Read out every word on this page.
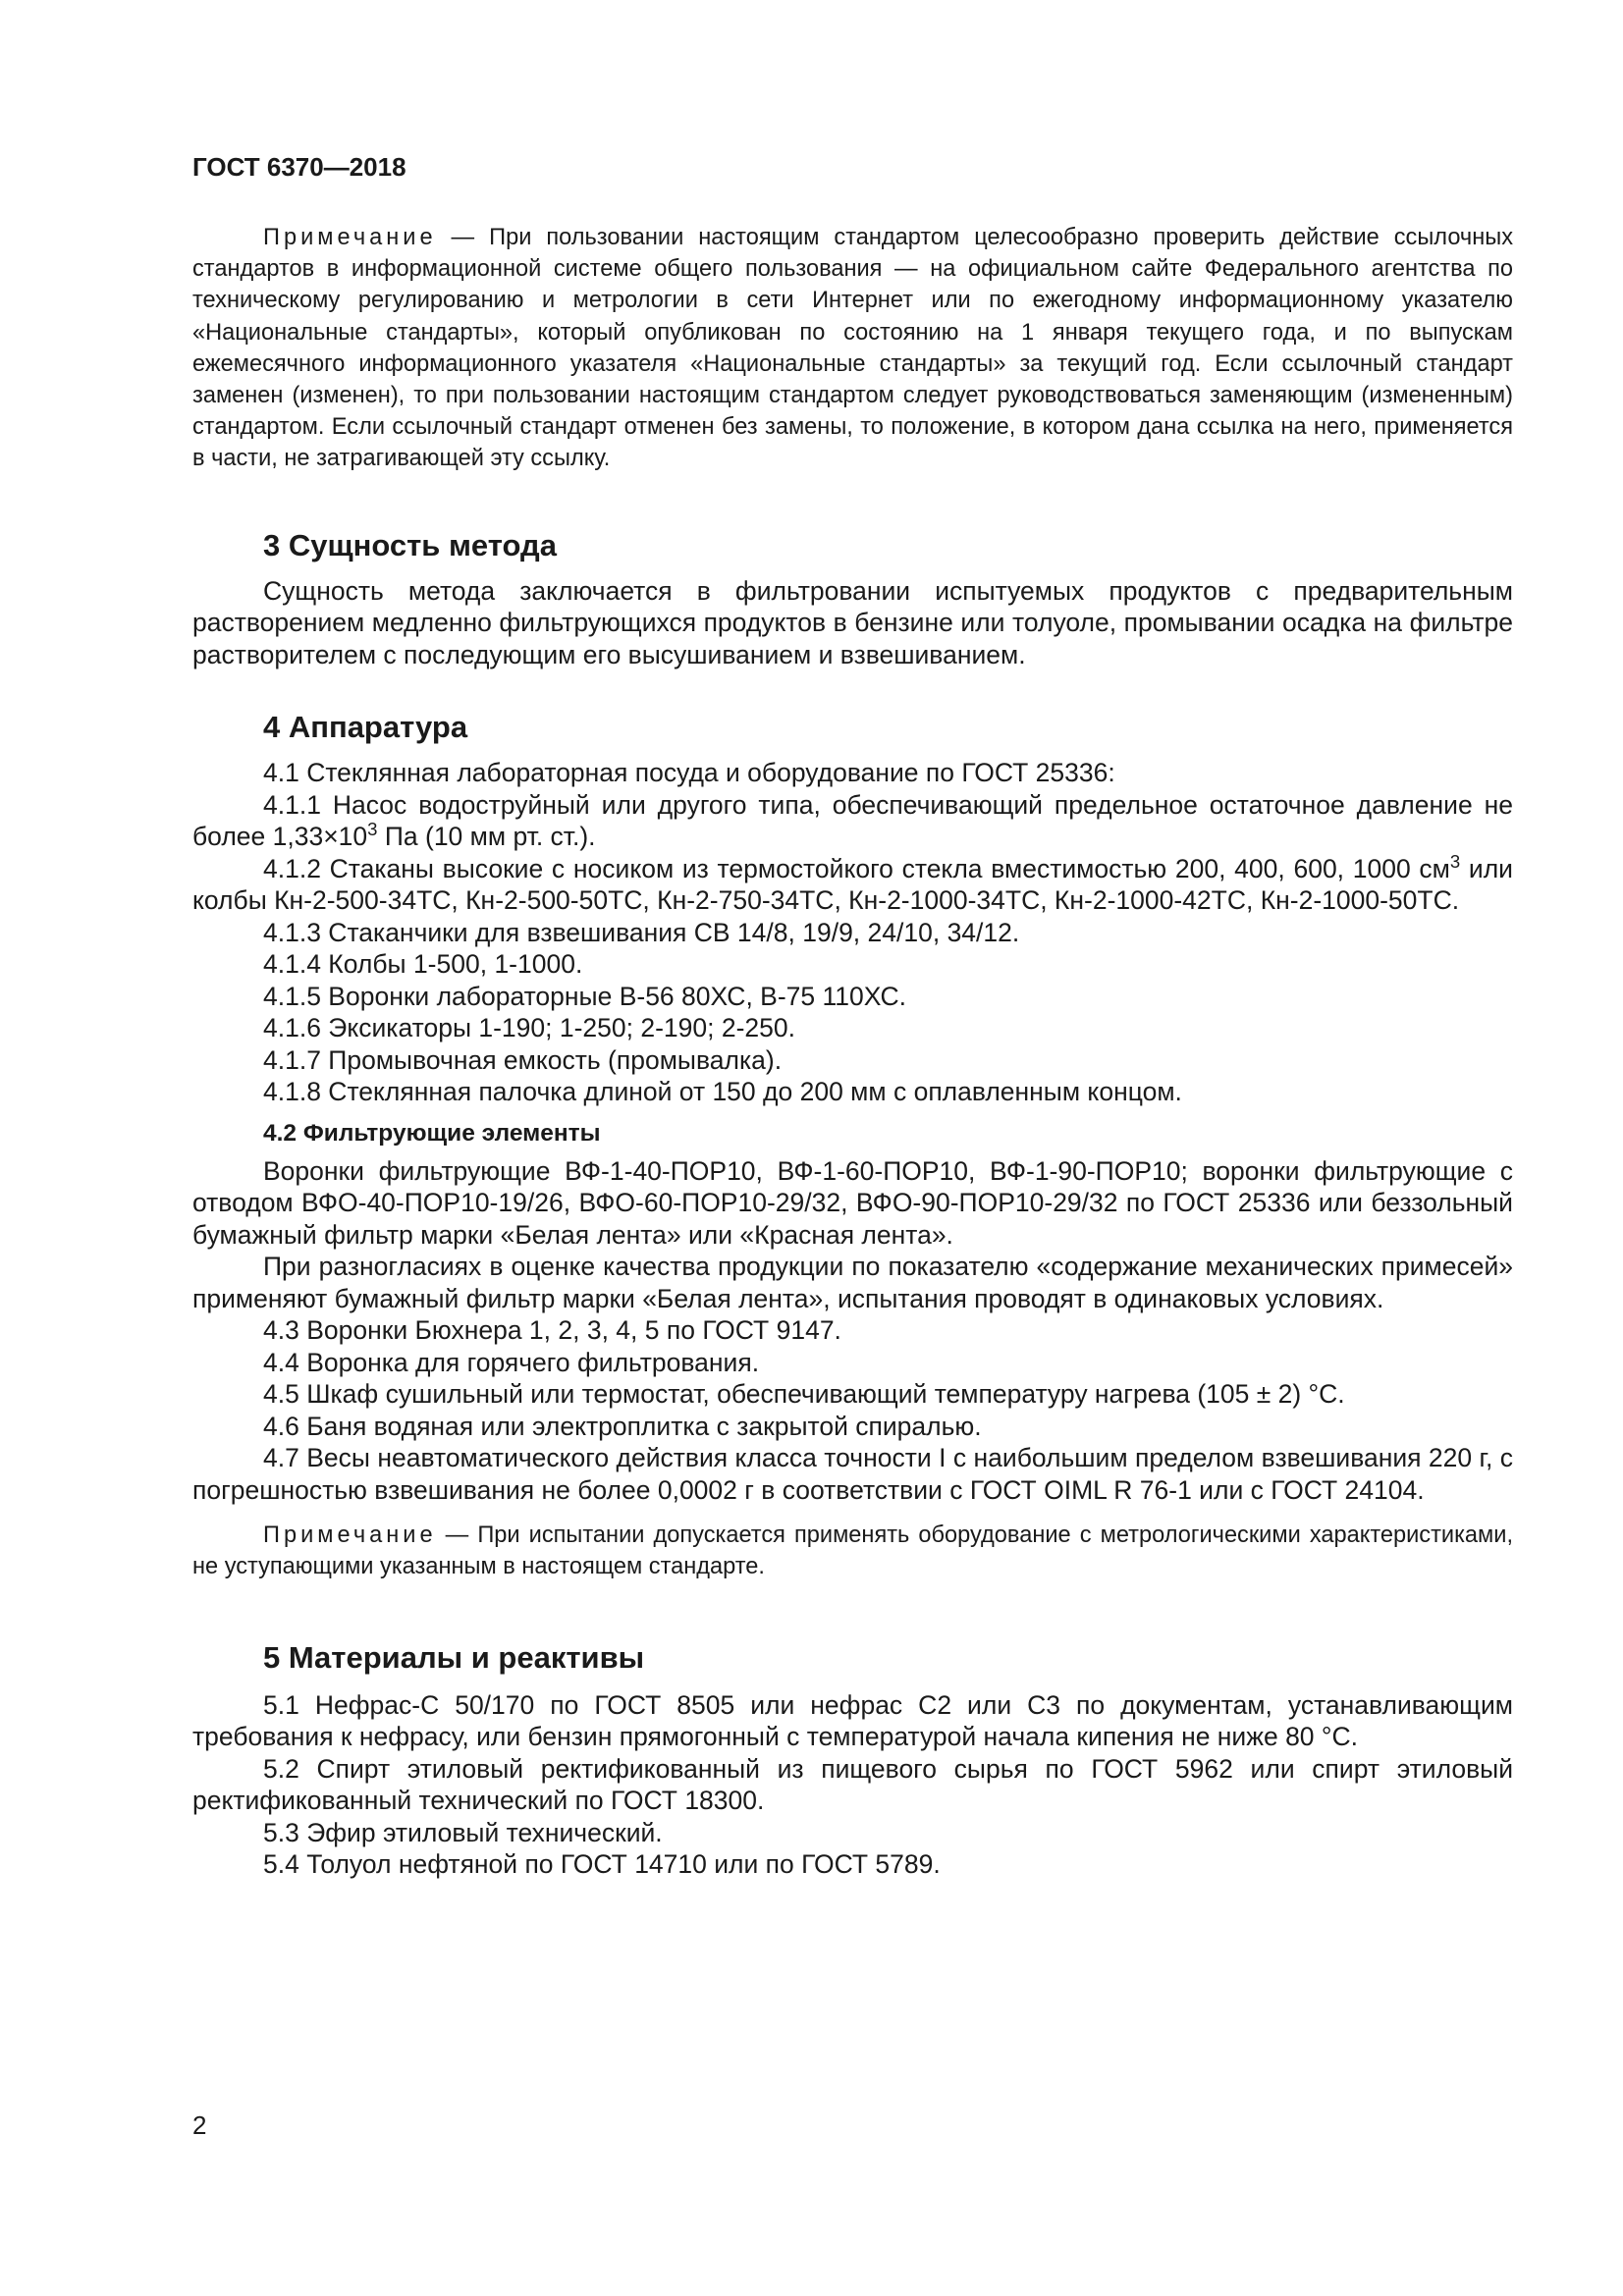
ГОСТ 6370—2018

Примечание — При пользовании настоящим стандартом целесообразно проверить действие ссылочных стандартов в информационной системе общего пользования — на официальном сайте Федерального агентства по техническому регулированию и метрологии в сети Интернет или по ежегодному информационному указателю «Национальные стандарты», который опубликован по состоянию на 1 января текущего года, и по выпускам ежемесячного информационного указателя «Национальные стандарты» за текущий год. Если ссылочный стандарт заменен (изменен), то при пользовании настоящим стандартом следует руководствоваться заменяющим (измененным) стандартом. Если ссылочный стандарт отменен без замены, то положение, в котором дана ссылка на него, применяется в части, не затрагивающей эту ссылку.

3 Сущность метода

Сущность метода заключается в фильтровании испытуемых продуктов с предварительным растворением медленно фильтрующихся продуктов в бензине или толуоле, промывании осадка на фильтре растворителем с последующим его высушиванием и взвешиванием.

4 Аппаратура

4.1 Стеклянная лабораторная посуда и оборудование по ГОСТ 25336:

4.1.1 Насос водоструйный или другого типа, обеспечивающий предельное остаточное давление не более $1,33\times 10^3$ Па (10 мм рт. ст.).

4.1.2 Стаканы высокие с носиком из термостойкого стекла вместимостью 200, 400, 600, 1000 $см^3$ или колбы Кн-2-500-34ТС, Кн-2-500-50ТС, Кн-2-750-34ТС, Кн-2-1000-34ТС, Кн-2-1000-42ТС, Кн-2-1000-50ТС.

4.1.3 Стаканчики для взвешивания СВ 14/8, 19/9, 24/10, 34/12.

4.1.4 Колбы 1-500, 1-1000.

4.1.5 Воронки лабораторные В-56 80ХС, В-75 110ХС.

4.1.6 Эксикаторы 1-190; 1-250; 2-190; 2-250.

4.1.7 Промывочная емкость (промывалка).

4.1.8 Стеклянная палочка длиной от 150 до 200 мм с оплавленным концом.

4.2 Фильтрующие элементы

Воронки фильтрующие ВФ-1-40-ПОР10, ВФ-1-60-ПОР10, ВФ-1-90-ПОР10; воронки фильтрующие с отводом ВФО-40-ПОР10-19/26, ВФО-60-ПОР10-29/32, ВФО-90-ПОР10-29/32 по ГОСТ 25336 или беззольный бумажный фильтр марки «Белая лента» или «Красная лента».

При разногласиях в оценке качества продукции по показателю «содержание механических примесей» применяют бумажный фильтр марки «Белая лента», испытания проводят в одинаковых условиях.

4.3 Воронки Бюхнера 1, 2, 3, 4, 5 по ГОСТ 9147.

4.4 Воронка для горячего фильтрования.

4.5 Шкаф сушильный или термостат, обеспечивающий температуру нагрева (105 ± 2) °С.

4.6 Баня водяная или электроплитка с закрытой спиралью.

4.7 Весы неавтоматического действия класса точности I с наибольшим пределом взвешивания 220 г, с погрешностью взвешивания не более 0,0002 г в соответствии с ГОСТ OIML R 76-1 или с ГОСТ 24104.

Примечание — При испытании допускается применять оборудование с метрологическими характеристиками, не уступающими указанным в настоящем стандарте.

5 Материалы и реактивы

5.1 Нефрас-С 50/170 по ГОСТ 8505 или нефрас С2 или С3 по документам, устанавливающим требования к нефрасу, или бензин прямогонный с температурой начала кипения не ниже 80 °С.

5.2 Спирт этиловый ректификованный из пищевого сырья по ГОСТ 5962 или спирт этиловый ректификованный технический по ГОСТ 18300.

5.3 Эфир этиловый технический.

5.4 Толуол нефтяной по ГОСТ 14710 или по ГОСТ 5789.

2
